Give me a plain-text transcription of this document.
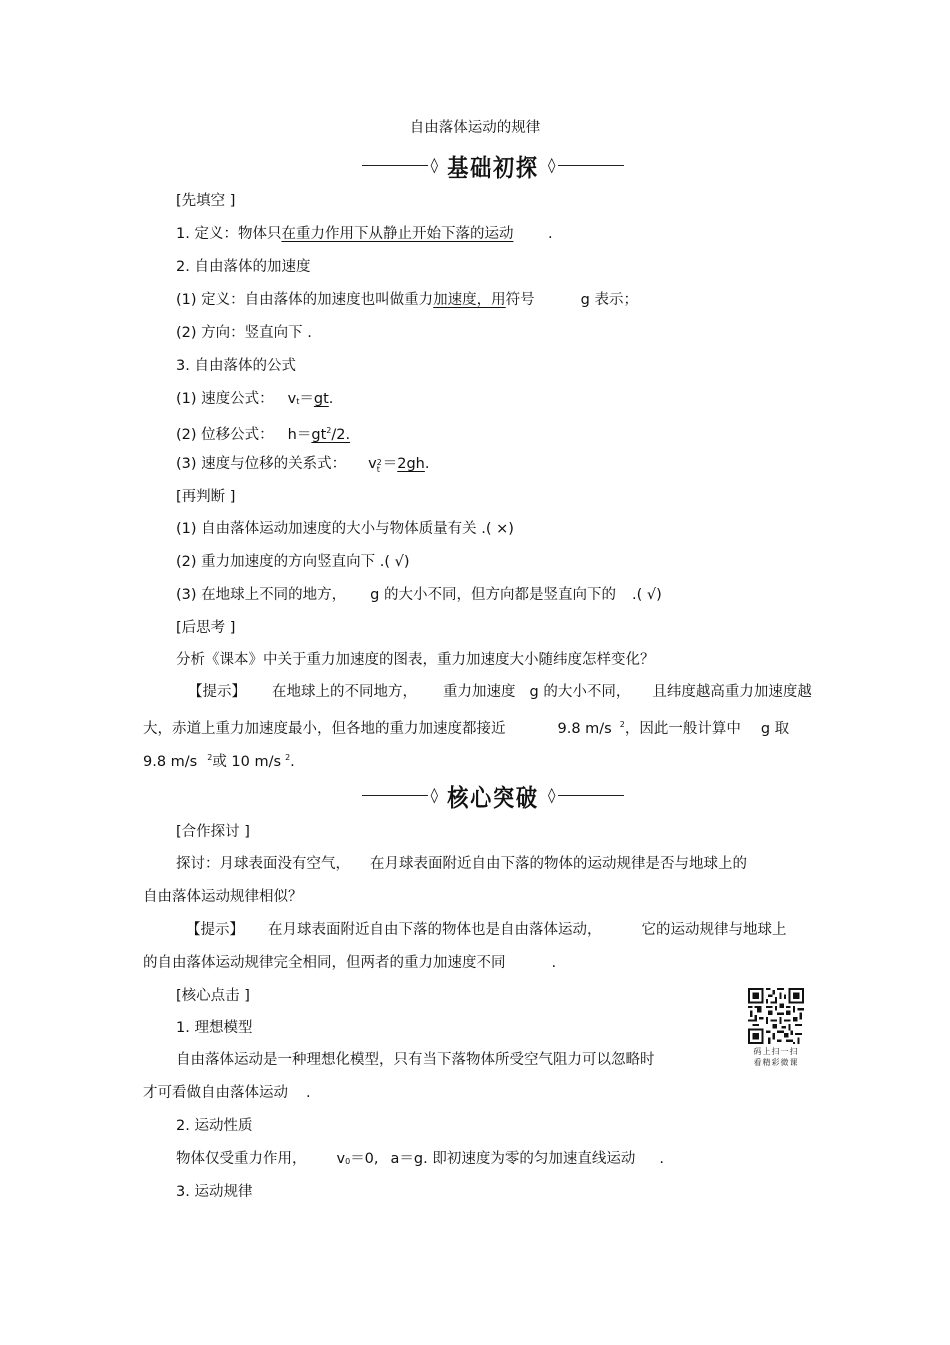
自由落体运动的规律
◊ 基础初探 ◊
[先填空 ]
1. 定义：物体只在重力作用下从静止开始下落的运动 .
2. 自由落体的加速度
(1) 定义：自由落体的加速度也叫做重力加速度，用符号	g 表示；
(2) 方向：竖直向下 .
3. 自由落体的公式
(1) 速度公式： $v_t=gt$.
(2) 位移公式： $h=gt^2/2$.
(3) 速度与位移的关系式： v 2
t ＝2gh.
[再判断 ]
(1) 自由落体运动加速度的大小与物体质量有关 .( ×)
(2) 重力加速度的方向竖直向下 .( √)
(3) 在地球上不同的地方， g 的大小不同，但方向都是竖直向下的 .( √)
[后思考 ]
分析《课本》中关于重力加速度的图表，重力加速度大小随纬度怎样变化？
【提示】 在地球上的不同地方， 重力加速度 g 的大小不同， 且纬度越高重力加速度越
大，赤道上重力加速度最小，但各地的重力加速度都接近	9.8 m/s $^2$，因此一般计算中 g 取
9.8 m/s $^2$或 10 m/s $^2$.
◊ 核心突破 ◊
[合作探讨 ]
探讨：月球表面没有空气， 在月球表面附近自由下落的物体的运动规律是否与地球上的
自由落体运动规律相似？
【提示】 在月球表面附近自由下落的物体也是自由落体运动，	它的运动规律与地球上
的自由落体运动规律完全相同，但两者的重力加速度不同	.
[核心点击 ]
1. 理想模型
自由落体运动是一种理想化模型，只有当下落物体所受空气阻力可以忽略时
才可看做自由落体运动 .
2. 运动性质
物体仅受重力作用， $v_0=0$, a＝g. 即初速度为零的匀加速直线运动 .
3. 运动规律
码上扫一扫
看精彩微课
